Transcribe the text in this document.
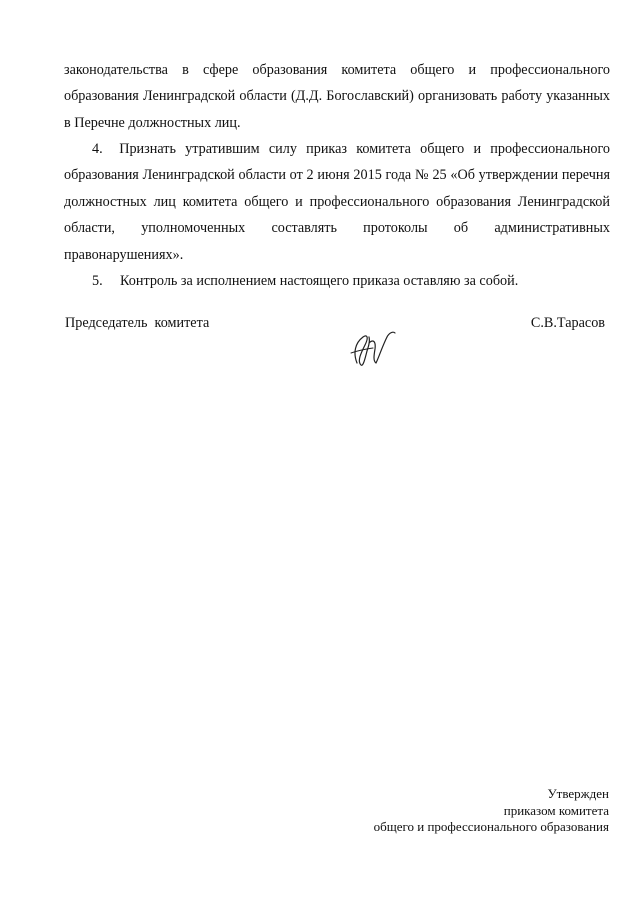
законодательства в сфере образования комитета общего и профессионального образования Ленинградской области (Д.Д. Богославский) организовать работу указанных в Перечне должностных лиц.
4. Признать утратившим силу приказ комитета общего и профессионального образования Ленинградской области от 2 июня 2015 года № 25 «Об утверждении перечня должностных лиц комитета общего и профессионального образования Ленинградской области, уполномоченных составлять протоколы об административных правонарушениях».
5. Контроль за исполнением настоящего приказа оставляю за собой.
Председатель  комитета	С.В.Тарасов
Утвержден
приказом комитета
общего и профессионального образования
